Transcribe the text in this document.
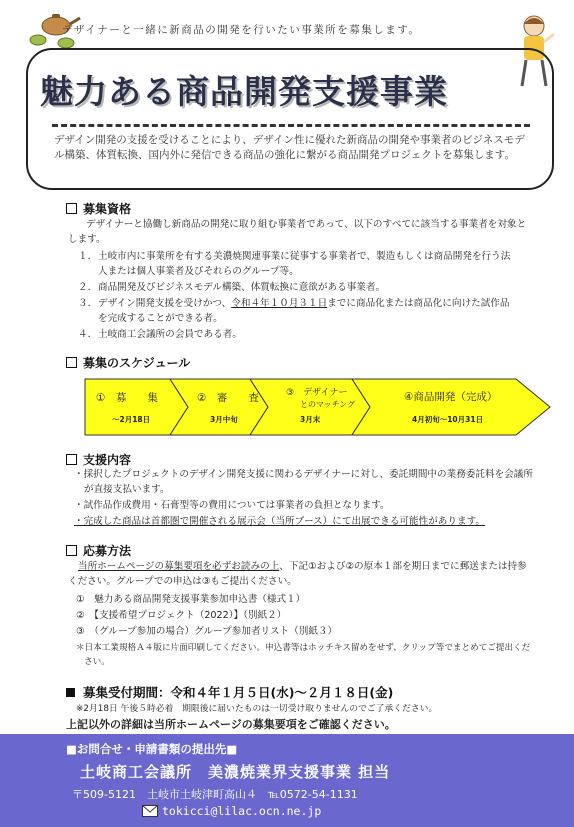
デザイナーと一緒に新商品の開発を行いたい事業所を募集します。
魅力ある商品開発支援事業
デザイン開発の支援を受けることにより、デザイン性に優れた新商品の開発や事業者のビジネスモデル構築、体質転換、国内外に発信できる商品の強化に繋がる商品開発プロジェクトを募集します。
募集資格
デザイナーと協働し新商品の開発に取り組む事業者であって、以下のすべてに該当する事業者を対象とします。
１． 土岐市内に事業所を有する美濃焼関連事業に従事する事業者で、製造もしくは商品開発を行う法人または個人事業者及びそれらのグループ等。
２． 商品開発及びビジネスモデル構築、体質転換に意欲がある事業者。
３． デザイン開発支援を受けかつ、令和４年１０月３１日までに商品化または商品化に向けた試作品を完成することができる者。
４． 土岐商工会議所の会員である者。
募集のスケジュール
①　募　　集
～2月18日
②　審　　査
3月中旬
③　デザイナー
とのマッチング
3月末
④商品開発（完成）
4月初旬～10月31日
支援内容
・採択したプロジェクトのデザイン開発支援に関わるデザイナーに対し、委託期間中の業務委託料を会議所が直接支払います。
・試作品作成費用・石膏型等の費用については事業者の負担となります。
・完成した商品は首都圏で開催される展示会（当所ブース）にて出展できる可能性があります。
応募方法
当所ホームページの募集要項を必ずお読みの上、下記①および②の原本１部を期日までに郵送または持参ください。グループでの申込は③もご提出ください。
①　魅力ある商品開発支援事業参加申込書（様式１）
②　【支援希望プロジェクト（2022）】（別紙２）
③　（グループ参加の場合）グループ参加者リスト（別紙３）
＊日本工業規格Ａ４版に片面印刷してください。申込書等はホッチキス留めをせず、クリップ等でまとめてご提出ください。
募集受付期間：令和４年１月５日(水)～２月１８日(金)
※2月18日 午後５時必着　期限後に届いたものは一切受け取りませんのでご了承ください。
上記以外の詳細は当所ホームページの募集要項をご確認ください。
■お問合せ・申請書類の提出先■
土岐商工会議所　美濃焼業界支援事業 担当
〒509-5121　土岐市土岐津町高山４　℡0572-54-1131
tokicci@lilac.ocn.ne.jp
